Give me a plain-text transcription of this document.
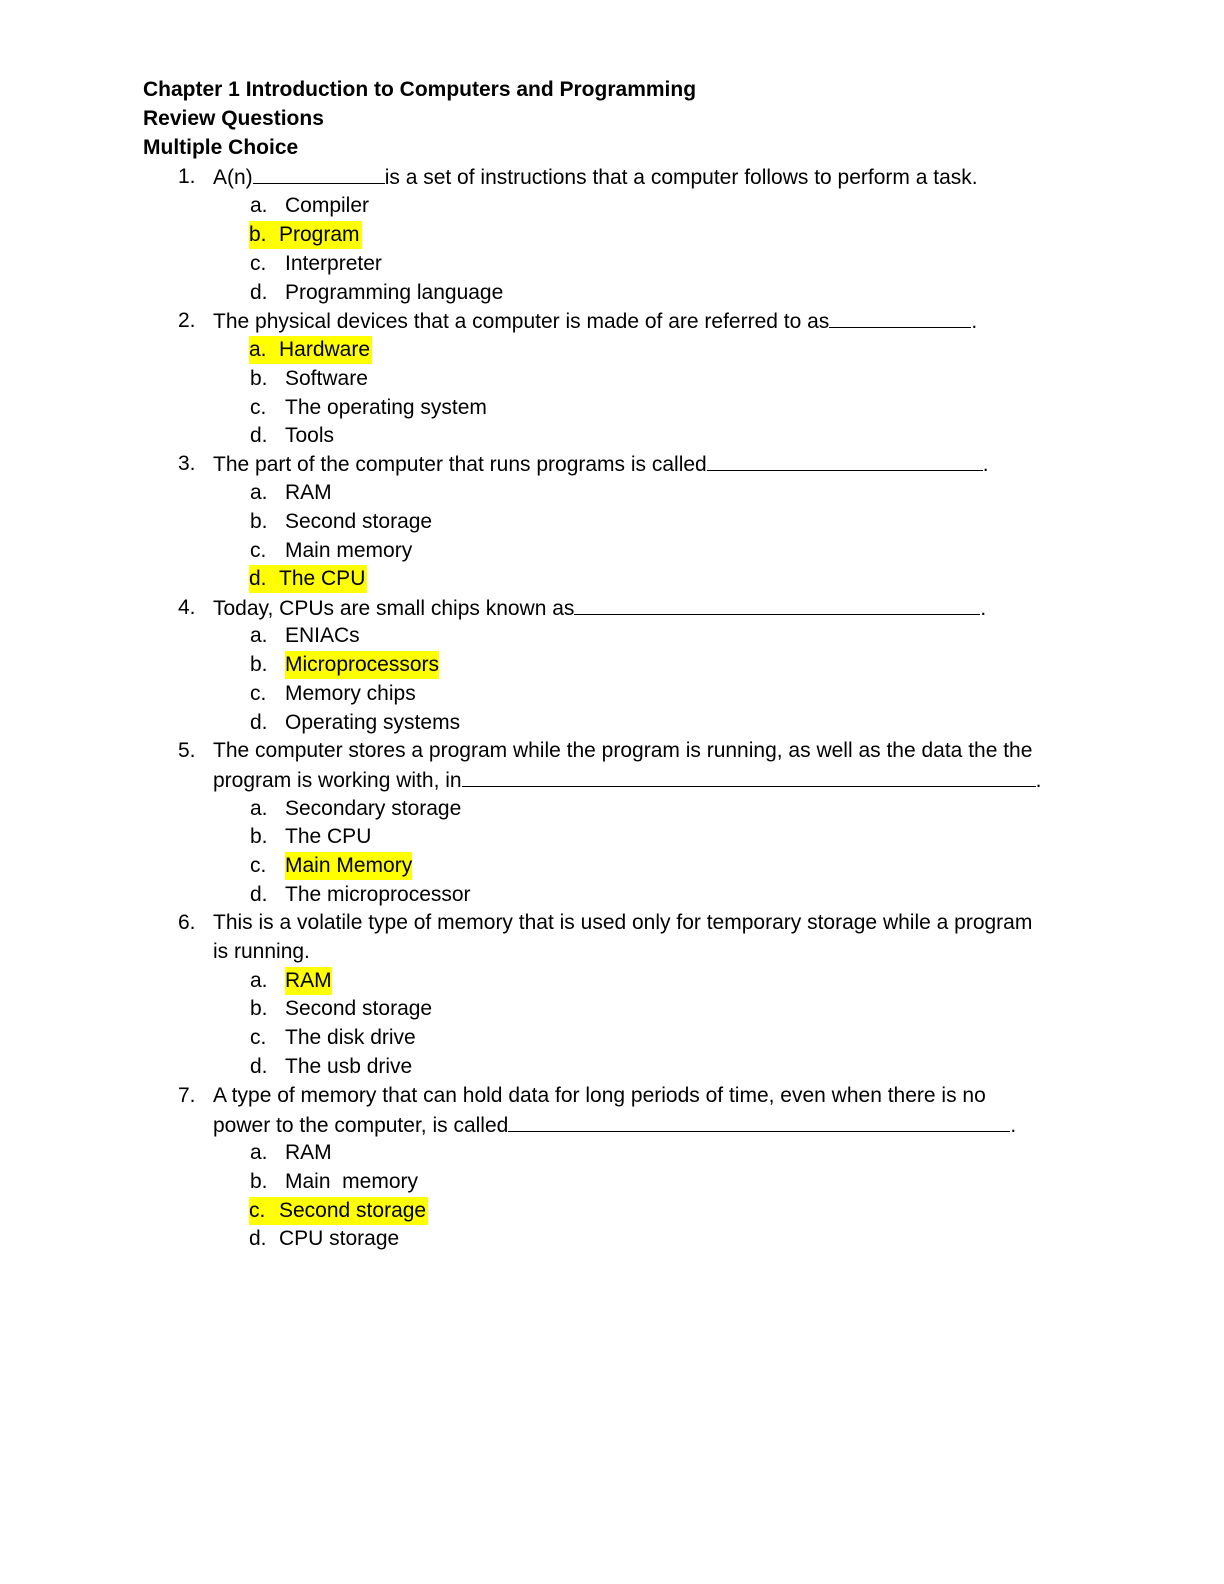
Chapter 1 Introduction to Computers and Programming
Review Questions
Multiple Choice
1. A(n)	is a set of instructions that a computer follows to perform a task.
a. Compiler
b. Program
c. Interpreter
d. Programming language
2. The physical devices that a computer is made of are referred to as	.
a. Hardware
b. Software
c. The operating system
d. Tools
3. The part of the computer that runs programs is called	.
a. RAM
b. Second storage
c. Main memory
d. The CPU
4. Today, CPUs are small chips known as	.
a. ENIACs
b. Microprocessors
c. Memory chips
d. Operating systems
5. The computer stores a program while the program is running, as well as the data the the
program is working with, in	.
a. Secondary storage
b. The CPU
c. Main Memory
d. The microprocessor
6. This is a volatile type of memory that is used only for temporary storage while a program
is running.
a. RAM
b. Second storage
c. The disk drive
d. The usb drive
7. A type of memory that can hold data for long periods of time, even when there is no
power to the computer, is called	.
a. RAM
b. Main  memory
c. Second storage
d. CPU storage
